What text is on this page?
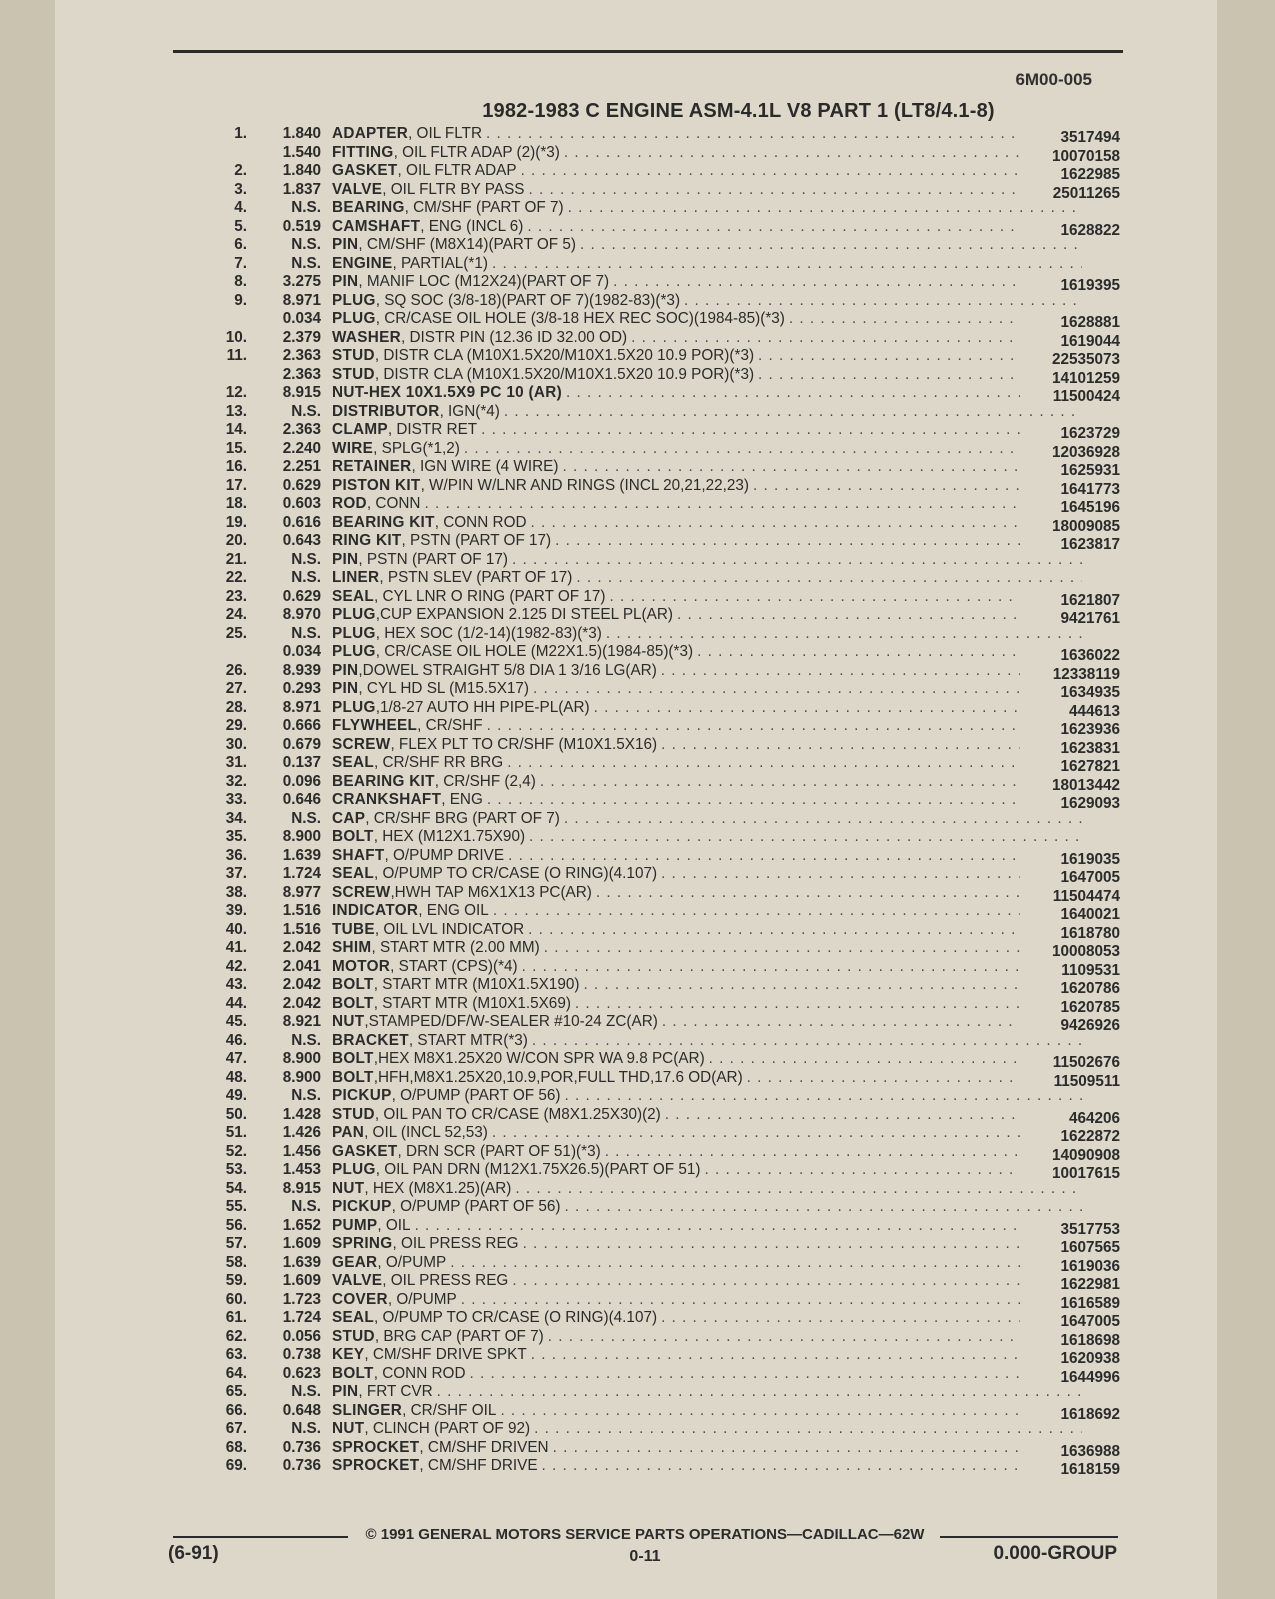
6M00-005
1982-1983 C ENGINE ASM-4.1L V8 PART 1 (LT8/4.1-8)
1.	1.840 ADAPTER, OIL FLTR . . .	3517494
1.540 FITTING, OIL FLTR ADAP (2)(*3) . . .	10070158
2.	1.840 GASKET, OIL FLTR ADAP . . .	1622985
3.	1.837 VALVE, OIL FLTR BY PASS . . .	25011265
4.	N.S. BEARING, CM/SHF (PART OF 7) . . .
5.	0.519 CAMSHAFT, ENG (INCL 6) . . .	1628822
6.	N.S. PIN, CM/SHF (M8X14)(PART OF 5) . . .
7.	N.S. ENGINE, PARTIAL(*1) . . .
8.	3.275 PIN, MANIF LOC (M12X24)(PART OF 7) . . .	1619395
9.	8.971 PLUG, SQ SOC (3/8-18)(PART OF 7)(1982-83)(*3) . . .
0.034 PLUG, CR/CASE OIL HOLE (3/8-18 HEX REC SOC)(1984-85)(*3) . . .	1628881
10.	2.379 WASHER, DISTR PIN (12.36 ID 32.00 OD) . . .	1619044
11.	2.363 STUD, DISTR CLA (M10X1.5X20/M10X1.5X20 10.9 POR)(*3) . . .	22535073
2.363 STUD, DISTR CLA (M10X1.5X20/M10X1.5X20 10.9 POR)(*3) . . .	14101259
12.	8.915 NUT-HEX 10X1.5X9 PC 10 (AR) . . .	11500424
13.	N.S. DISTRIBUTOR, IGN(*4) . . .
14.	2.363 CLAMP, DISTR RET . . .	1623729
15.	2.240 WIRE, SPLG(*1,2) . . .	12036928
16.	2.251 RETAINER, IGN WIRE (4 WIRE) . . .	1625931
17.	0.629 PISTON KIT, W/PIN W/LNR AND RINGS (INCL 20,21,22,23) . . .	1641773
18.	0.603 ROD, CONN . . .	1645196
19.	0.616 BEARING KIT, CONN ROD . . .	18009085
20.	0.643 RING KIT, PSTN (PART OF 17) . . .	1623817
21.	N.S. PIN, PSTN (PART OF 17) . . .
22.	N.S. LINER, PSTN SLEV (PART OF 17) . . .
23.	0.629 SEAL, CYL LNR O RING (PART OF 17) . . .	1621807
24.	8.970 PLUG,CUP EXPANSION 2.125 DI STEEL PL(AR) . . .	9421761
25.	N.S. PLUG, HEX SOC (1/2-14)(1982-83)(*3) . . .
0.034 PLUG, CR/CASE OIL HOLE (M22X1.5)(1984-85)(*3) . . .	1636022
26.	8.939 PIN,DOWEL STRAIGHT 5/8 DIA 1 3/16 LG(AR) . . .	12338119
27.	0.293 PIN, CYL HD SL (M15.5X17) . . .	1634935
28.	8.971 PLUG,1/8-27 AUTO HH PIPE-PL(AR) . . .	444613
29.	0.666 FLYWHEEL, CR/SHF . . .	1623936
30.	0.679 SCREW, FLEX PLT TO CR/SHF (M10X1.5X16) . . .	1623831
31.	0.137 SEAL, CR/SHF RR BRG . . .	1627821
32.	0.096 BEARING KIT, CR/SHF (2,4) . . .	18013442
33.	0.646 CRANKSHAFT, ENG . . .	1629093
34.	N.S. CAP, CR/SHF BRG (PART OF 7) . . .
35.	8.900 BOLT, HEX (M12X1.75X90) . . .
36.	1.639 SHAFT, O/PUMP DRIVE . . .	1619035
37.	1.724 SEAL, O/PUMP TO CR/CASE (O RING)(4.107) . . .	1647005
38.	8.977 SCREW,HWH TAP M6X1X13 PC(AR) . . .	11504474
39.	1.516 INDICATOR, ENG OIL . . .	1640021
40.	1.516 TUBE, OIL LVL INDICATOR . . .	1618780
41.	2.042 SHIM, START MTR (2.00 MM) . . .	10008053
42.	2.041 MOTOR, START (CPS)(*4) . . .	1109531
43.	2.042 BOLT, START MTR (M10X1.5X190) . . .	1620786
44.	2.042 BOLT, START MTR (M10X1.5X69) . . .	1620785
45.	8.921 NUT,STAMPED/DF/W-SEALER #10-24 ZC(AR) . . .	9426926
46.	N.S. BRACKET, START MTR(*3) . . .
47.	8.900 BOLT,HEX M8X1.25X20 W/CON SPR WA 9.8 PC(AR) . . .	11502676
48.	8.900 BOLT,HFH,M8X1.25X20,10.9,POR,FULL THD,17.6 OD(AR) . . .	11509511
49.	N.S. PICKUP, O/PUMP (PART OF 56) . . .
50.	1.428 STUD, OIL PAN TO CR/CASE (M8X1.25X30)(2) . . .	464206
51.	1.426 PAN, OIL (INCL 52,53) . . .	1622872
52.	1.456 GASKET, DRN SCR (PART OF 51)(*3) . . .	14090908
53.	1.453 PLUG, OIL PAN DRN (M12X1.75X26.5)(PART OF 51) . . .	10017615
54.	8.915 NUT, HEX (M8X1.25)(AR) . . .
55.	N.S. PICKUP, O/PUMP (PART OF 56) . . .
56.	1.652 PUMP, OIL . . .	3517753
57.	1.609 SPRING, OIL PRESS REG . . .	1607565
58.	1.639 GEAR, O/PUMP . . .	1619036
59.	1.609 VALVE, OIL PRESS REG . . .	1622981
60.	1.723 COVER, O/PUMP . . .	1616589
61.	1.724 SEAL, O/PUMP TO CR/CASE (O RING)(4.107) . . .	1647005
62.	0.056 STUD, BRG CAP (PART OF 7) . . .	1618698
63.	0.738 KEY, CM/SHF DRIVE SPKT . . .	1620938
64.	0.623 BOLT, CONN ROD . . .	1644996
65.	N.S. PIN, FRT CVR . . .
66.	0.648 SLINGER, CR/SHF OIL . . .	1618692
67.	N.S. NUT, CLINCH (PART OF 92) . . .
68.	0.736 SPROCKET, CM/SHF DRIVEN . . .	1636988
69.	0.736 SPROCKET, CM/SHF DRIVE . . .	1618159
© 1991 GENERAL MOTORS SERVICE PARTS OPERATIONS—CADILLAC—62W
(6-91)	0-11	0.000-GROUP
